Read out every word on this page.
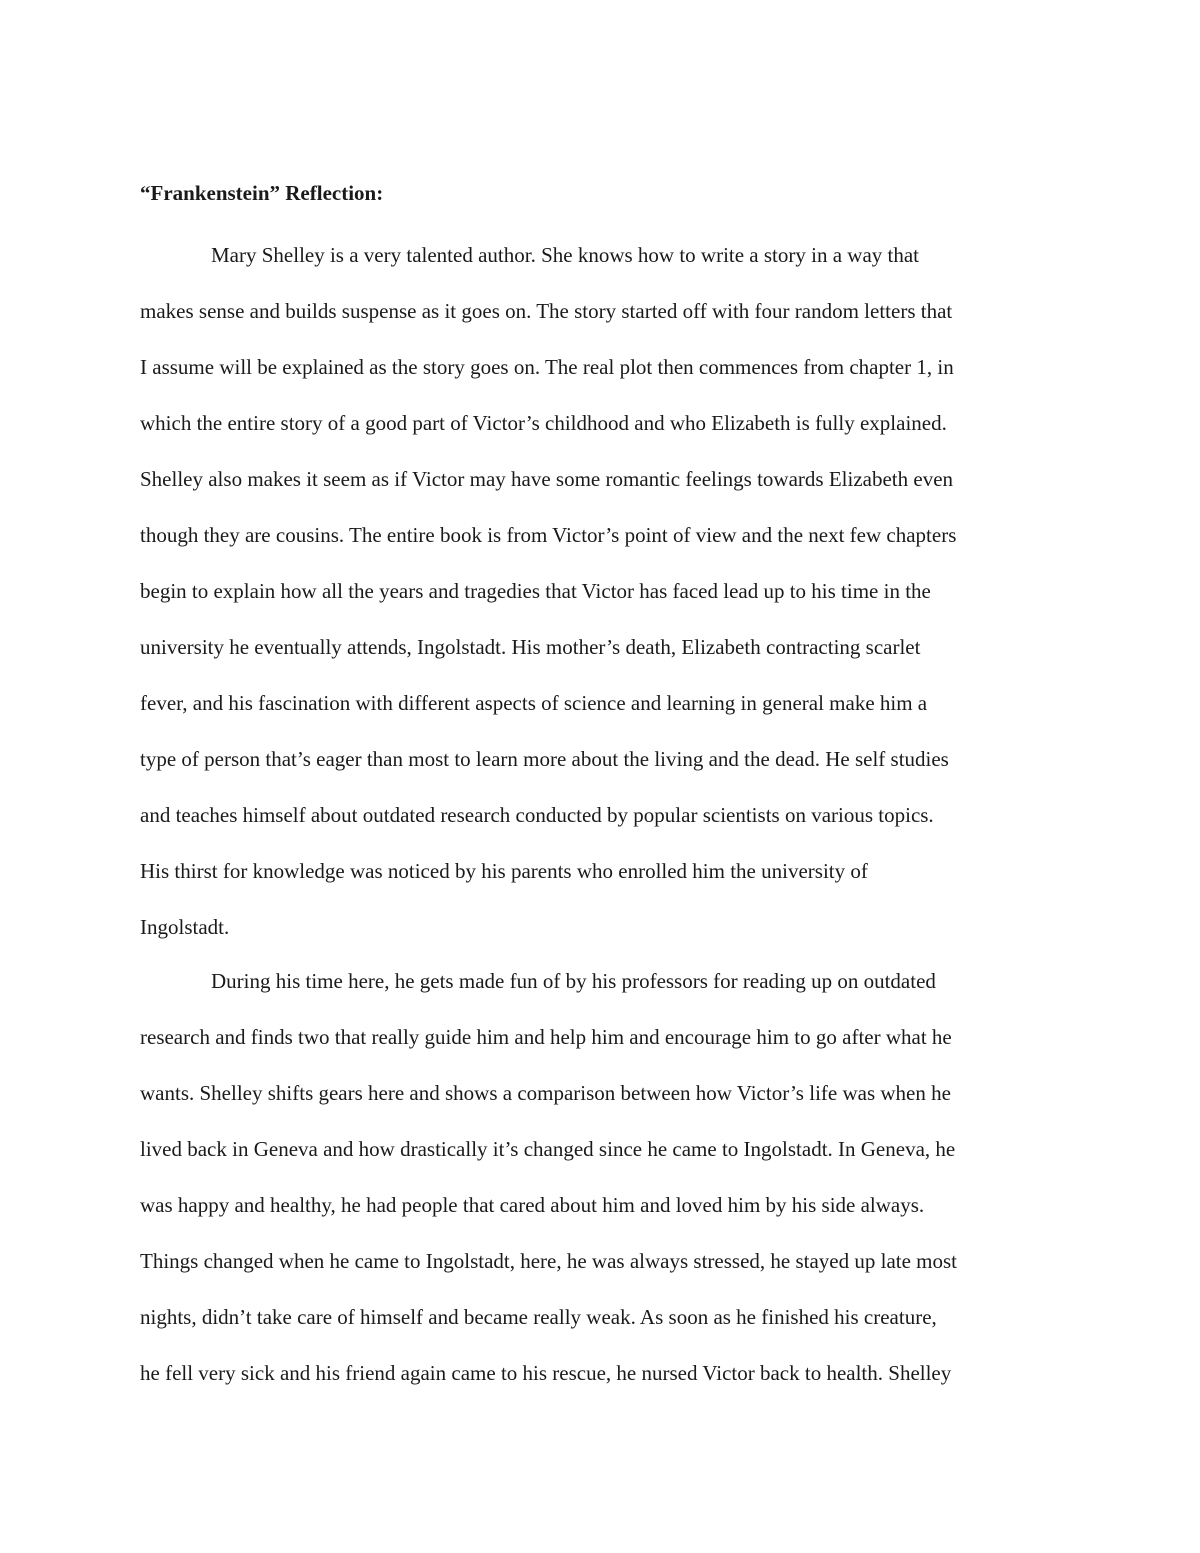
“Frankenstein” Reflection:
Mary Shelley is a very talented author. She knows how to write a story in a way that
makes sense and builds suspense as it goes on. The story started off with four random letters that
I assume will be explained as the story goes on. The real plot then commences from chapter 1, in
which the entire story of a good part of Victor’s childhood and who Elizabeth is fully explained.
Shelley also makes it seem as if Victor may have some romantic feelings towards Elizabeth even
though they are cousins. The entire book is from Victor’s point of view and the next few chapters
begin to explain how all the years and tragedies that Victor has faced lead up to his time in the
university he eventually attends, Ingolstadt. His mother’s death, Elizabeth contracting scarlet
fever, and his fascination with different aspects of science and learning in general make him a
type of person that’s eager than most to learn more about the living and the dead. He self studies
and teaches himself about outdated research conducted by popular scientists on various topics.
His thirst for knowledge was noticed by his parents who enrolled him the university of
Ingolstadt.
During his time here, he gets made fun of by his professors for reading up on outdated
research and finds two that really guide him and help him and encourage him to go after what he
wants. Shelley shifts gears here and shows a comparison between how Victor’s life was when he
lived back in Geneva and how drastically it’s changed since he came to Ingolstadt. In Geneva, he
was happy and healthy, he had people that cared about him and loved him by his side always.
Things changed when he came to Ingolstadt, here, he was always stressed, he stayed up late most
nights, didn’t take care of himself and became really weak. As soon as he finished his creature,
he fell very sick and his friend again came to his rescue, he nursed Victor back to health. Shelley
